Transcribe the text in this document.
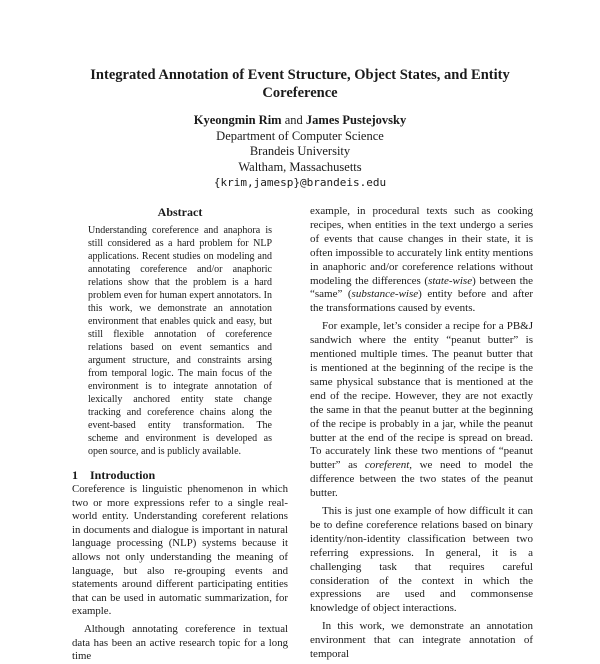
Integrated Annotation of Event Structure, Object States, and Entity Coreference
Kyeongmin Rim and James Pustejovsky
Department of Computer Science
Brandeis University
Waltham, Massachusetts
{krim,jamesp}@brandeis.edu
Abstract

Understanding coreference and anaphora is still considered as a hard problem for NLP applications. Recent studies on modeling and annotating coreference and/or anaphoric relations show that the problem is a hard problem even for human expert annotators. In this work, we demonstrate an annotation environment that enables quick and easy, but still flexible annotation of coreference relations based on event semantics and argument structure, and constraints arsing from temporal logic. The main focus of the environment is to integrate annotation of lexically anchored entity state change tracking and coreference chains along the event-based entity transformation. The scheme and environment is developed as open source, and is publicly available.

1 Introduction

Coreference is linguistic phenomenon in which two or more expressions refer to a single real-world entity. Understanding coreferent relations in documents and dialogue is important in natural language processing (NLP) systems because it allows not only understanding the meaning of language, but also re-grouping events and statements around different participating entities that can be used in automatic summarization, for example.

Although annotating coreference in textual data has been an active research topic for a long time

example, in procedural texts such as cooking recipes, when entities in the text undergo a series of events that cause changes in their state, it is often impossible to accurately link entity mentions in anaphoric and/or coreference relations without modeling the differences (state-wise) between the “same” (substance-wise) entity before and after the transformations caused by events.

For example, let’s consider a recipe for a PB&J sandwich where the entity “peanut butter” is mentioned multiple times. The peanut butter that is mentioned at the beginning of the recipe is the same physical substance that is mentioned at the end of the recipe. However, they are not exactly the same in that the peanut butter at the beginning of the recipe is probably in a jar, while the peanut butter at the end of the recipe is spread on bread. To accurately link these two mentions of “peanut butter” as coreferent, we need to model the difference between the two states of the peanut butter.

This is just one example of how difficult it can be to define coreference relations based on binary identity/non-identity classification between two referring expressions. In general, it is a challenging task that requires careful consideration of the context in which the expressions are used and commonsense knowledge of object interactions.

In this work, we demonstrate an annotation environment that can integrate annotation of temporal
